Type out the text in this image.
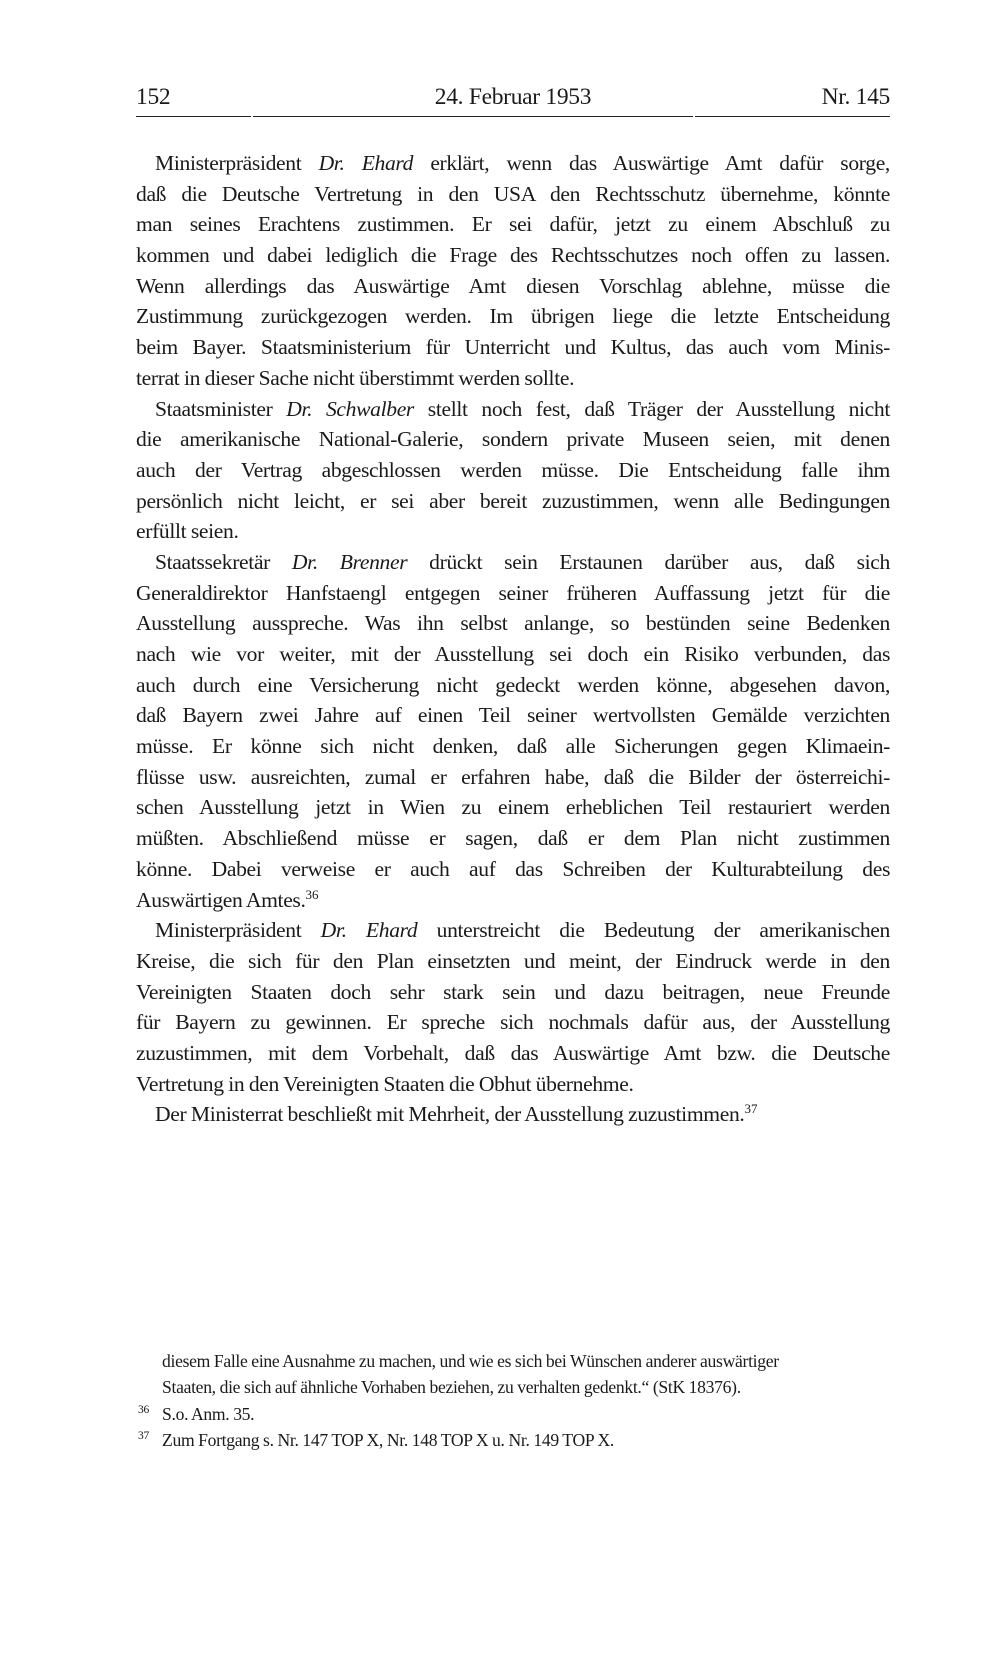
152	24. Februar 1953	Nr. 145
Ministerpräsident Dr. Ehard erklärt, wenn das Auswärtige Amt dafür sorge,
daß die Deutsche Vertretung in den USA den Rechtsschutz übernehme, könnte
man seines Erachtens zustimmen. Er sei dafür, jetzt zu einem Abschluß zu
kommen und dabei lediglich die Frage des Rechtsschutzes noch offen zu lassen.
Wenn allerdings das Auswärtige Amt diesen Vorschlag ablehne, müsse die
Zustimmung zurückgezogen werden. Im übrigen liege die letzte Entscheidung
beim Bayer. Staatsministerium für Unterricht und Kultus, das auch vom Minis-
terrat in dieser Sache nicht überstimmt werden sollte.
Staatsminister Dr. Schwalber stellt noch fest, daß Träger der Ausstellung nicht
die amerikanische National-Galerie, sondern private Museen seien, mit denen
auch der Vertrag abgeschlossen werden müsse. Die Entscheidung falle ihm
persönlich nicht leicht, er sei aber bereit zuzustimmen, wenn alle Bedingungen
erfüllt seien.
Staatssekretär Dr. Brenner drückt sein Erstaunen darüber aus, daß sich
Generaldirektor Hanfstaengl entgegen seiner früheren Auffassung jetzt für die
Ausstellung ausspreche. Was ihn selbst anlange, so bestünden seine Bedenken
nach wie vor weiter, mit der Ausstellung sei doch ein Risiko verbunden, das
auch durch eine Versicherung nicht gedeckt werden könne, abgesehen davon,
daß Bayern zwei Jahre auf einen Teil seiner wertvollsten Gemälde verzichten
müsse. Er könne sich nicht denken, daß alle Sicherungen gegen Klimaein-
flüsse usw. ausreichten, zumal er erfahren habe, daß die Bilder der österreichi-
schen Ausstellung jetzt in Wien zu einem erheblichen Teil restauriert werden
müßten. Abschließend müsse er sagen, daß er dem Plan nicht zustimmen
könne. Dabei verweise er auch auf das Schreiben der Kulturabteilung des
Auswärtigen Amtes.$^{36}$
Ministerpräsident Dr. Ehard unterstreicht die Bedeutung der amerikanischen
Kreise, die sich für den Plan einsetzten und meint, der Eindruck werde in den
Vereinigten Staaten doch sehr stark sein und dazu beitragen, neue Freunde
für Bayern zu gewinnen. Er spreche sich nochmals dafür aus, der Ausstellung
zuzustimmen, mit dem Vorbehalt, daß das Auswärtige Amt bzw. die Deutsche
Vertretung in den Vereinigten Staaten die Obhut übernehme.
Der Ministerrat beschließt mit Mehrheit, der Ausstellung zuzustimmen.$^{37}$
diesem Falle eine Ausnahme zu machen, und wie es sich bei Wünschen anderer auswärtiger
Staaten, die sich auf ähnliche Vorhaben beziehen, zu verhalten gedenkt.“ (StK 18376).
36 S.o. Anm. 35.
37 Zum Fortgang s. Nr. 147 TOP X, Nr. 148 TOP X u. Nr. 149 TOP X.
